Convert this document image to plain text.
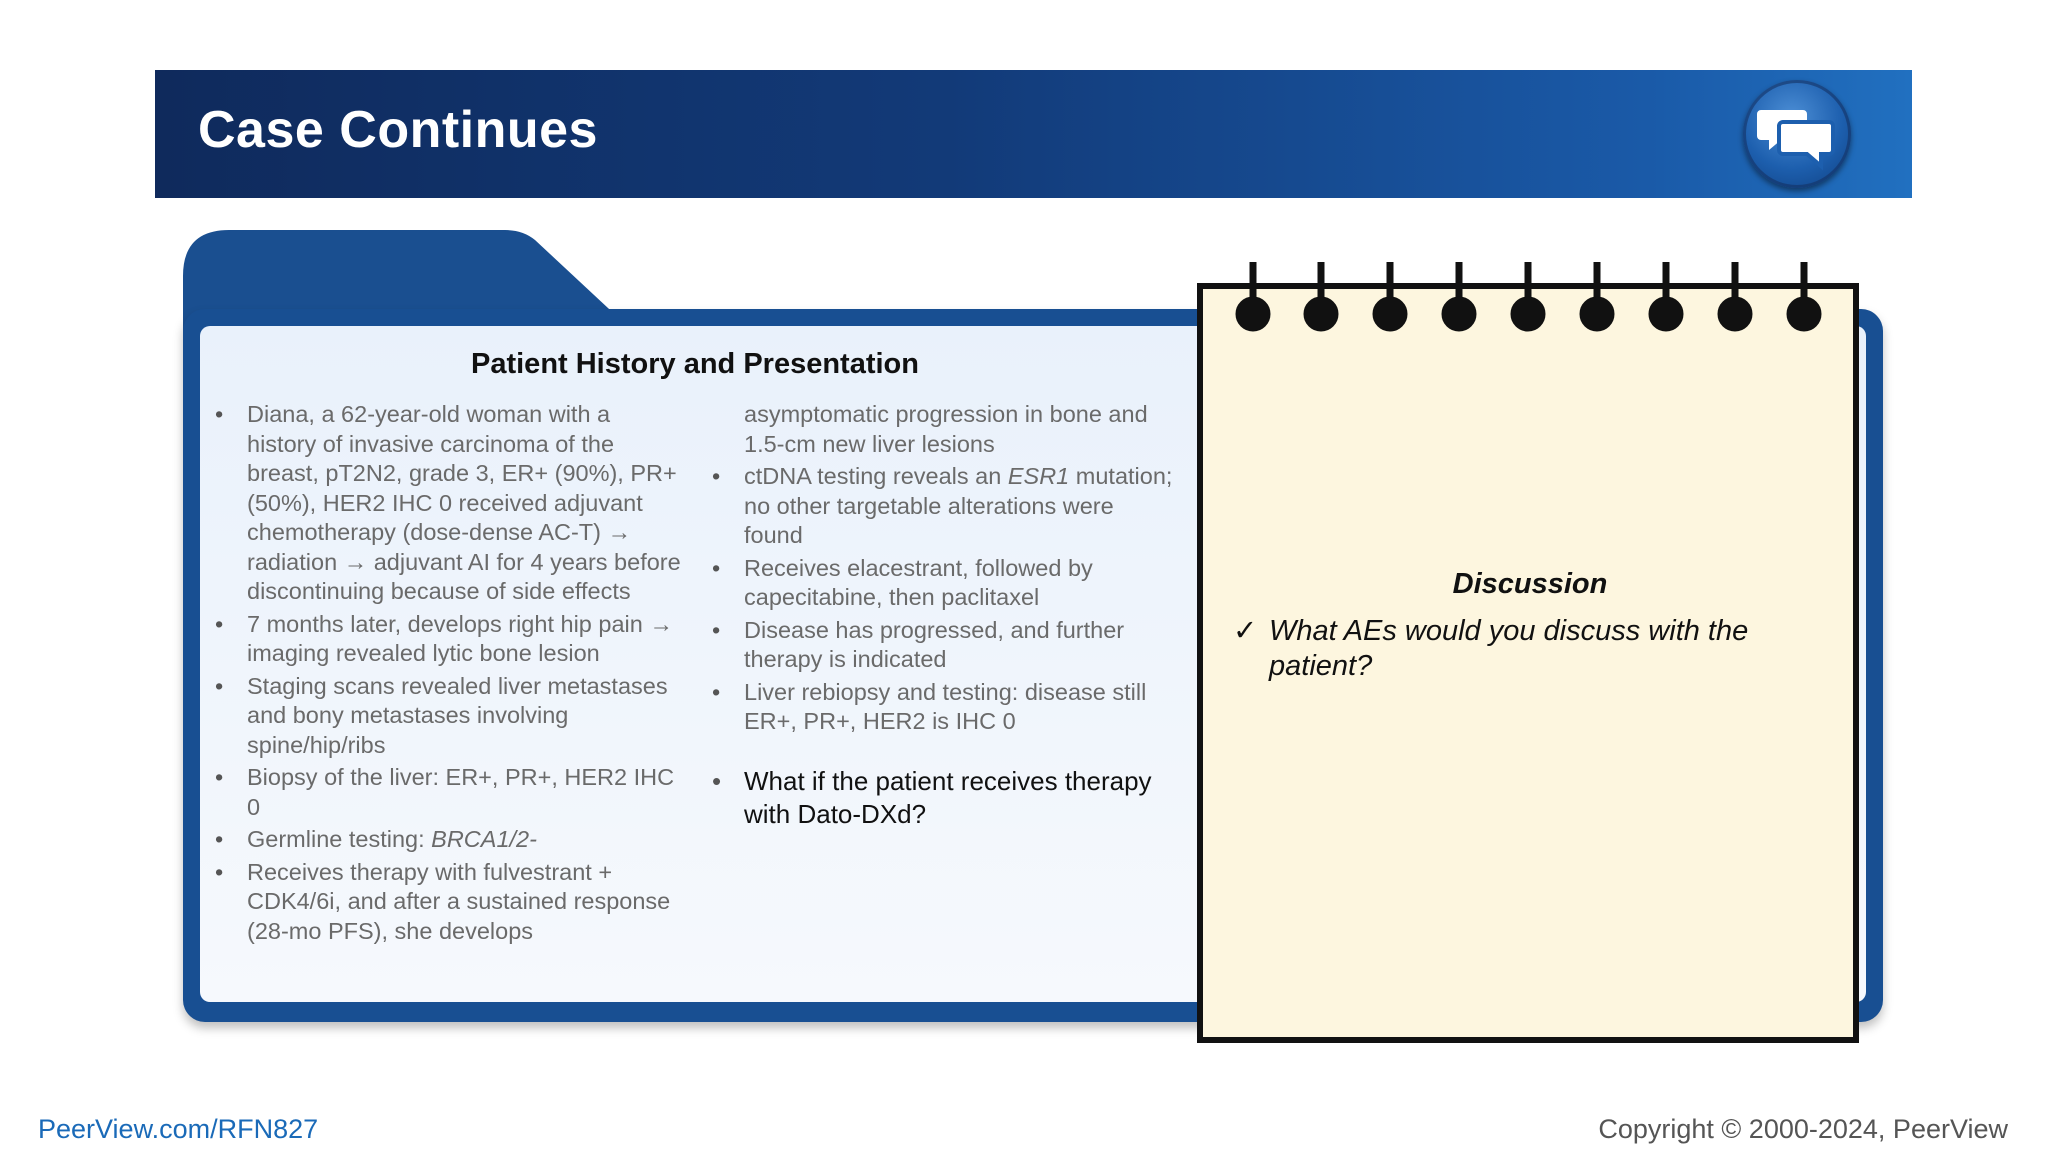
Case Continues
Patient History and Presentation
•	Diana, a 62-year-old woman with a history of invasive carcinoma of the breast, pT2N2, grade 3, ER+ (90%), PR+ (50%), HER2 IHC 0 received adjuvant chemotherapy (dose-dense AC-T) → radiation → adjuvant AI for 4 years before discontinuing because of side effects
•	7 months later, develops right hip pain → imaging revealed lytic bone lesion
•	Staging scans revealed liver metastases and bony metastases involving spine/hip/ribs
•	Biopsy of the liver: ER+, PR+, HER2 IHC 0
•	Germline testing: BRCA1/2-
•	Receives therapy with fulvestrant + CDK4/6i, and after a sustained response (28-mo PFS), she develops
asymptomatic progression in bone and 1.5-cm new liver lesions
•	ctDNA testing reveals an ESR1 mutation; no other targetable alterations were found
•	Receives elacestrant, followed by capecitabine, then paclitaxel
•	Disease has progressed, and further therapy is indicated
•	Liver rebiopsy and testing: disease still ER+, PR+, HER2 is IHC 0
• What if the patient receives therapy with Dato-DXd?
Discussion
✓ What AEs would you discuss with the patient?
PeerView.com/RFN827	Copyright © 2000-2024, PeerView
